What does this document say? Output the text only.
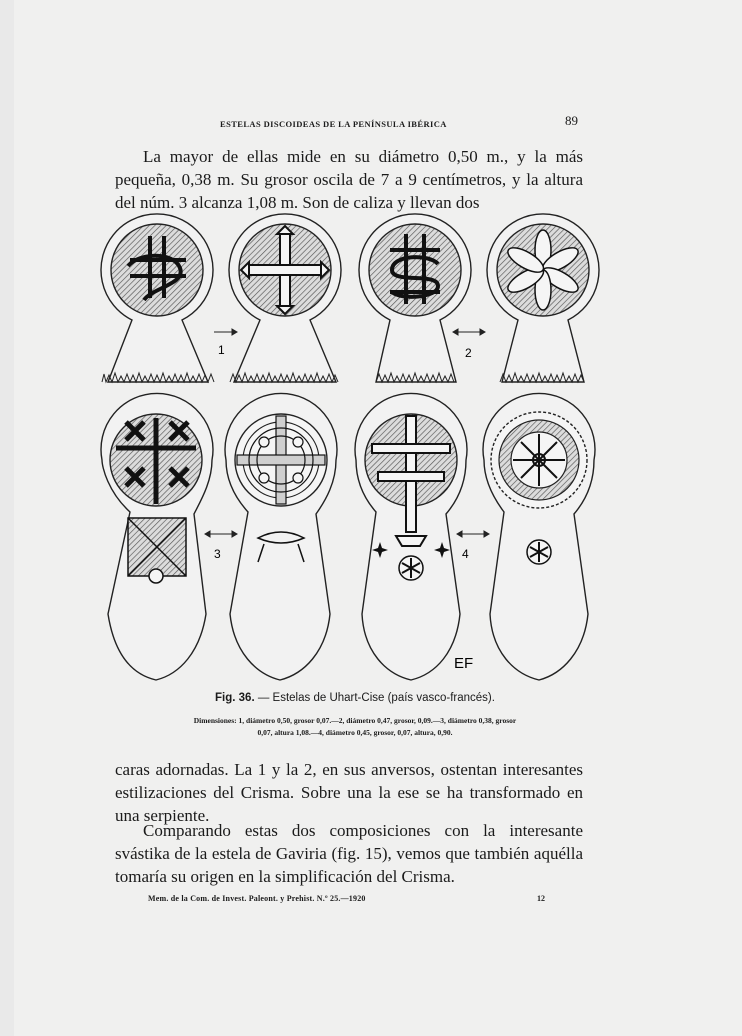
ESTELAS DISCOIDEAS DE LA PENÍNSULA IBÉRICA	89

La mayor de ellas mide en su diámetro 0,50 m., y la más pequeña, 0,38 m. Su grosor oscila de 7 a 9 centímetros, y la altura del núm. 3 alcanza 1,08 m. Son de caliza y llevan dos

1	2
3	4
EF
Fig. 36. — Estelas de Uhart-Cise (país vasco-francés).
Dimensiones: 1, diámetro 0,50, grosor 0,07.—2, diámetro 0,47, grosor, 0,09.—3, diámetro 0,38, grosor
0,07, altura 1,08.—4, diámetro 0,45, grosor, 0,07, altura, 0,90.

caras adornadas. La 1 y la 2, en sus anversos, ostentan interesantes estilizaciones del Crisma. Sobre una la ese se ha transformado en una serpiente.

Comparando estas dos composiciones con la interesante svástika de la estela de Gaviria (fig. 15), vemos que también aquélla tomaría su origen en la simplificación del Crisma.

Mem. de la Com. de Invest. Paleont. y Prehist. N.º 25.—1920	12
